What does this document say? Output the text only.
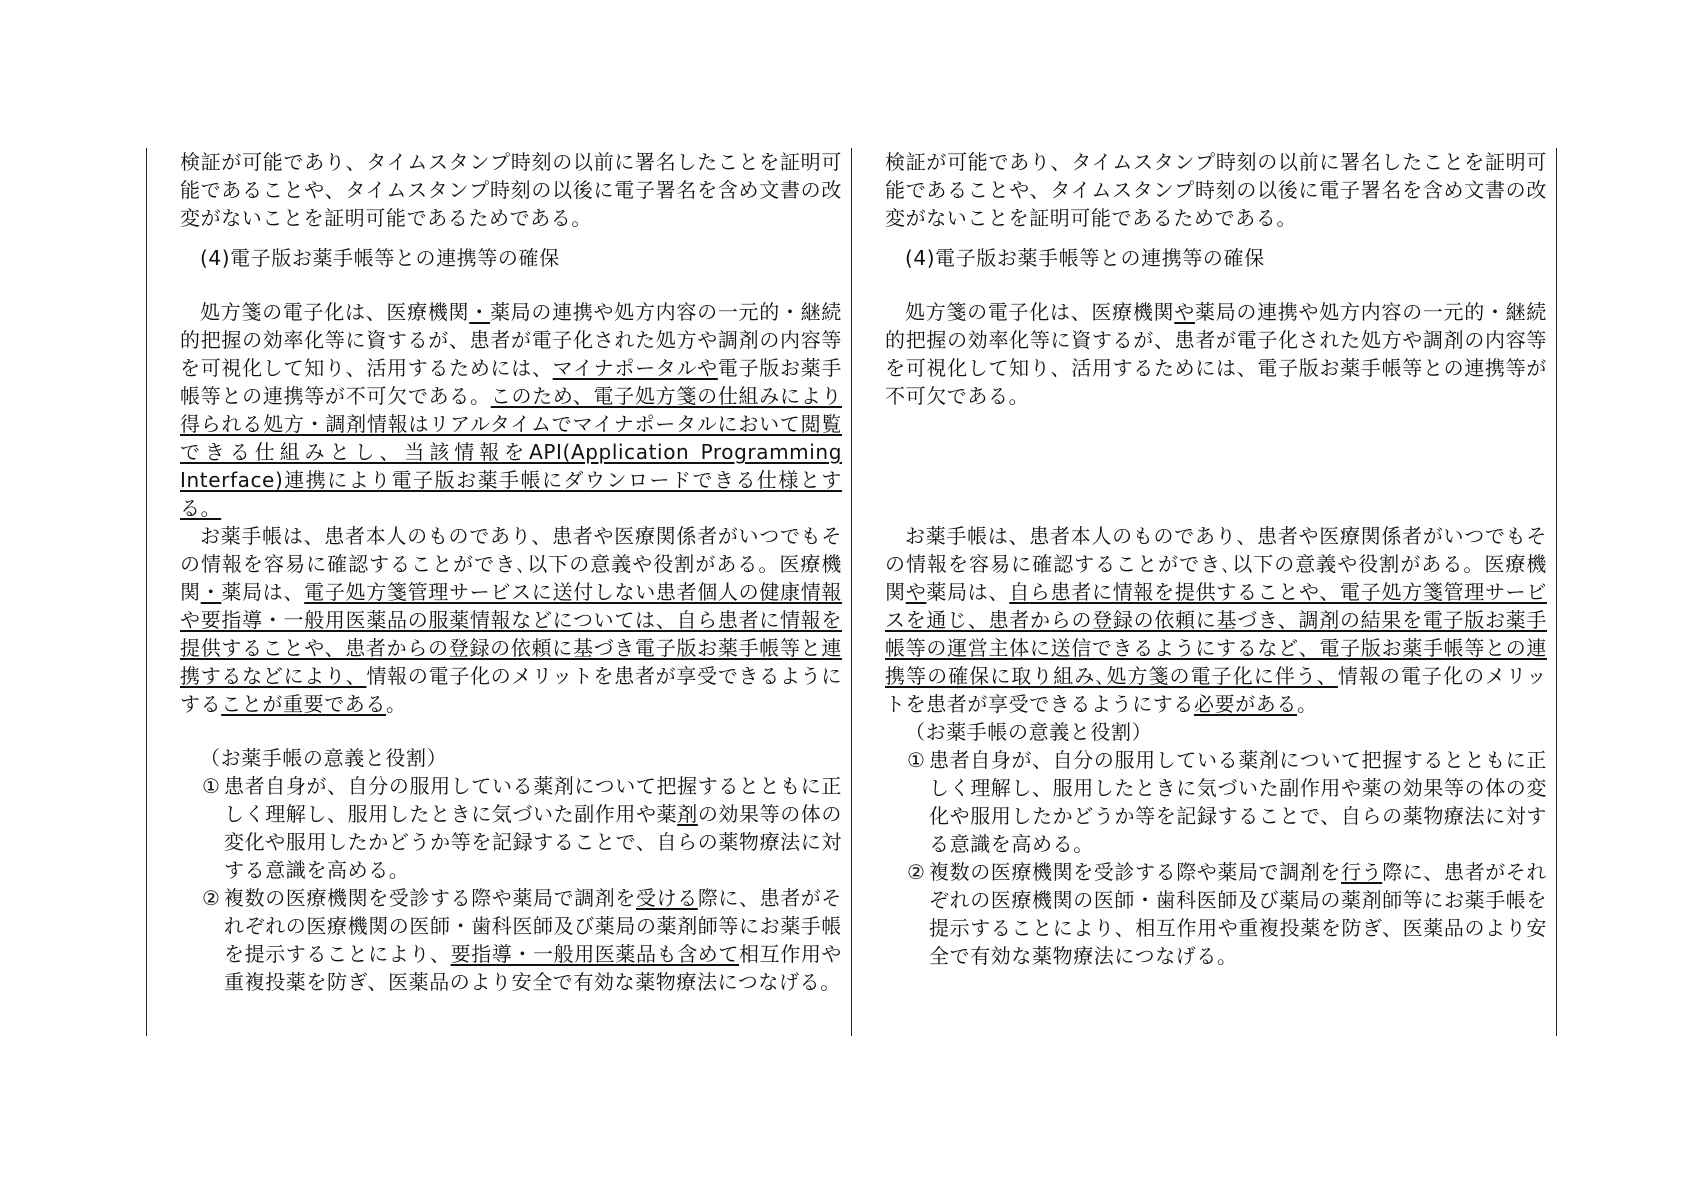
検証が可能であり、タイムスタンプ時刻の以前に署名したことを証明可能であることや、タイムスタンプ時刻の以後に電子署名を含め文書の改変がないことを証明可能であるためである。

(4)電子版お薬手帳等との連携等の確保

処方箋の電子化は、医療機関・薬局の連携や処方内容の一元的・継続的把握の効率化等に資するが、患者が電子化された処方や調剤の内容等を可視化して知り、活用するためには、マイナポータルや電子版お薬手帳等との連携等が不可欠である。このため、電子処方箋の仕組みにより得られる処方・調剤情報はリアルタイムでマイナポータルにおいて閲覧できる仕組みとし、当該情報をAPI(Application Programming Interface)連携により電子版お薬手帳にダウンロードできる仕様とする。

お薬手帳は、患者本人のものであり、患者や医療関係者がいつでもその情報を容易に確認することができ､以下の意義や役割がある。医療機関・薬局は、電子処方箋管理サービスに送付しない患者個人の健康情報や要指導・一般用医薬品の服薬情報などについては、自ら患者に情報を提供することや、患者からの登録の依頼に基づき電子版お薬手帳等と連携するなどにより、情報の電子化のメリットを患者が享受できるようにすることが重要である。

（お薬手帳の意義と役割）

① 患者自身が、自分の服用している薬剤について把握するとともに正しく理解し、服用したときに気づいた副作用や薬剤の効果等の体の変化や服用したかどうか等を記録することで、自らの薬物療法に対する意識を高める。
② 複数の医療機関を受診する際や薬局で調剤を受ける際に、患者がそれぞれの医療機関の医師・歯科医師及び薬局の薬剤師等にお薬手帳を提示することにより、要指導・一般用医薬品も含めて相互作用や重複投薬を防ぎ、医薬品のより安全で有効な薬物療法につなげる。

検証が可能であり、タイムスタンプ時刻の以前に署名したことを証明可能であることや、タイムスタンプ時刻の以後に電子署名を含め文書の改変がないことを証明可能であるためである。

(4)電子版お薬手帳等との連携等の確保

処方箋の電子化は、医療機関や薬局の連携や処方内容の一元的・継続的把握の効率化等に資するが、患者が電子化された処方や調剤の内容等を可視化して知り、活用するためには、電子版お薬手帳等との連携等が不可欠である。

お薬手帳は、患者本人のものであり、患者や医療関係者がいつでもその情報を容易に確認することができ､以下の意義や役割がある。医療機関や薬局は、自ら患者に情報を提供することや、電子処方箋管理サービスを通じ、患者からの登録の依頼に基づき、調剤の結果を電子版お薬手帳等の運営主体に送信できるようにするなど、電子版お薬手帳等との連携等の確保に取り組み､処方箋の電子化に伴う、情報の電子化のメリットを患者が享受できるようにする必要がある。

（お薬手帳の意義と役割）

① 患者自身が、自分の服用している薬剤について把握するとともに正しく理解し、服用したときに気づいた副作用や薬の効果等の体の変化や服用したかどうか等を記録することで、自らの薬物療法に対する意識を高める。
② 複数の医療機関を受診する際や薬局で調剤を行う際に、患者がそれぞれの医療機関の医師・歯科医師及び薬局の薬剤師等にお薬手帳を提示することにより、相互作用や重複投薬を防ぎ、医薬品のより安全で有効な薬物療法につなげる。
